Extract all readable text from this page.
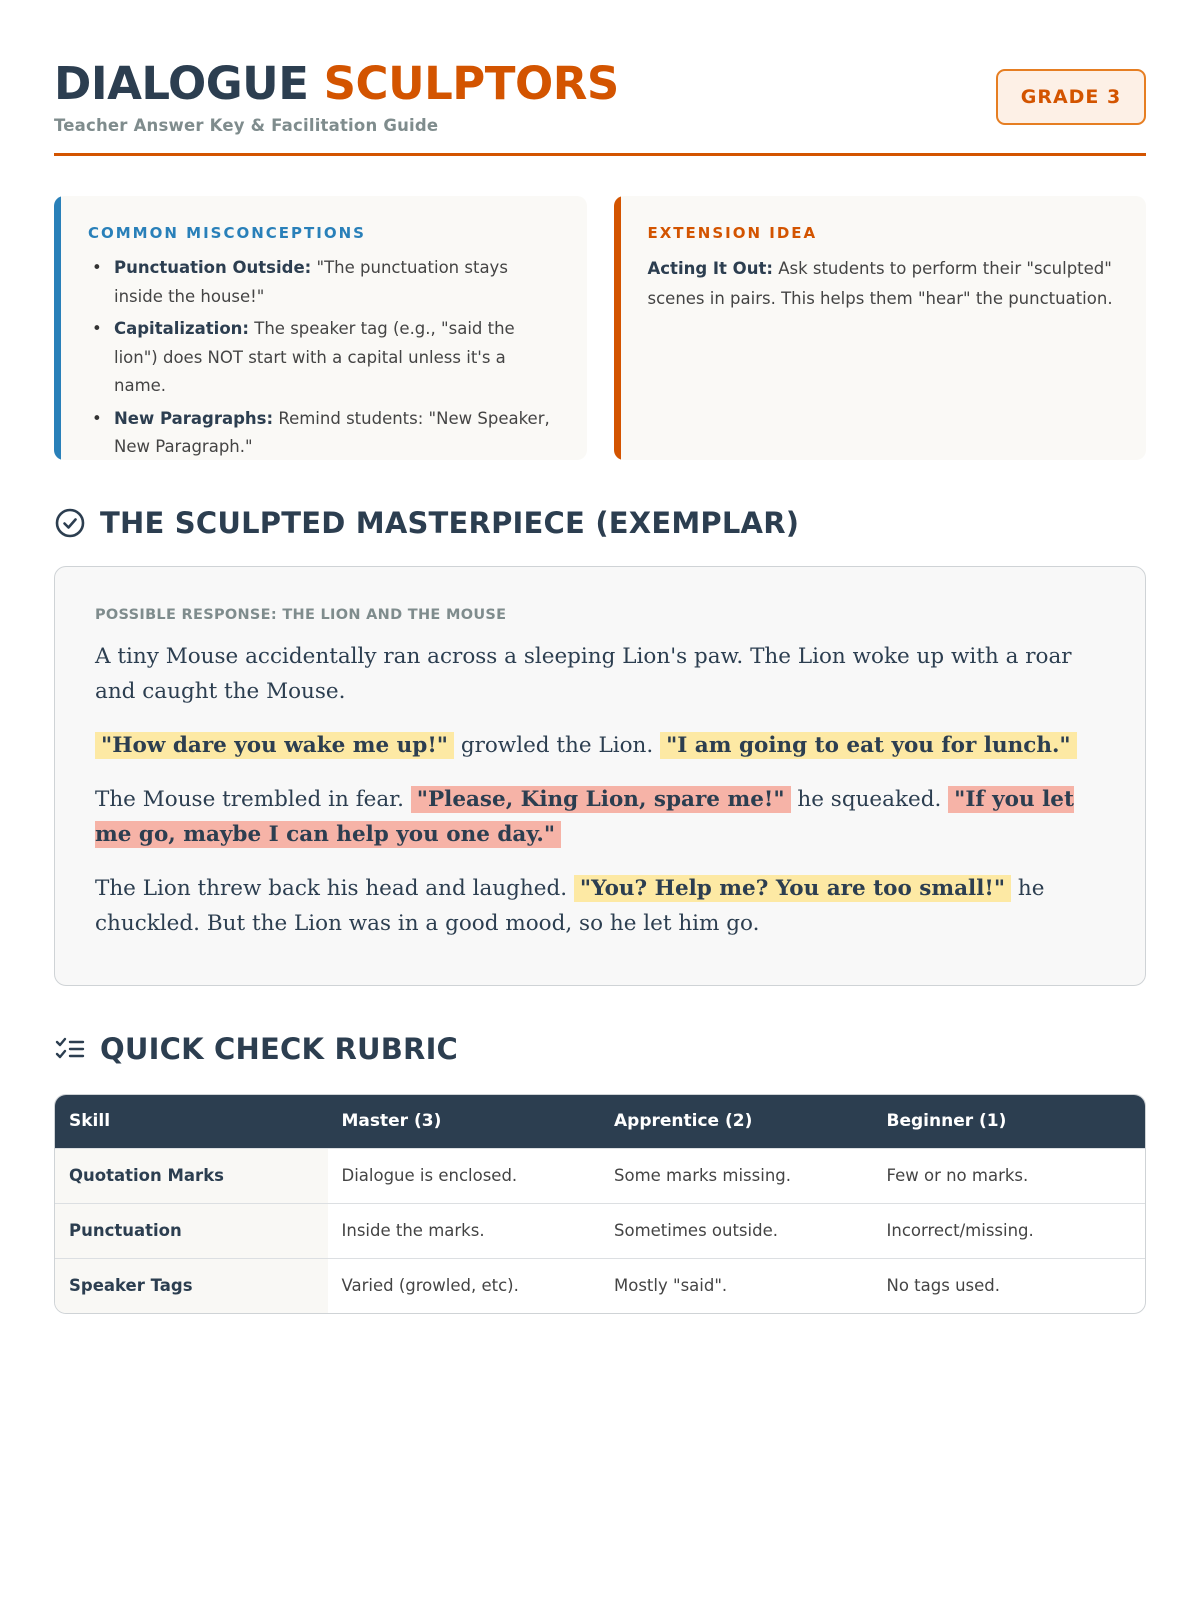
DIALOGUE SCULPTORS
Teacher Answer Key & Facilitation Guide
GRADE 3
COMMON MISCONCEPTIONS
• Punctuation Outside: "The punctuation stays inside the house!"
• Capitalization: The speaker tag (e.g., "said the lion") does NOT start with a capital unless it's a name.
• New Paragraphs: Remind students: "New Speaker, New Paragraph."
EXTENSION IDEA

Acting It Out: Ask students to perform their "sculpted" scenes in pairs. This helps them "hear" the punctuation.

THE SCULPTED MASTERPIECE (EXEMPLAR)
POSSIBLE RESPONSE: THE LION AND THE MOUSE

A tiny Mouse accidentally ran across a sleeping Lion's paw. The Lion woke up with a roar and caught the Mouse.

"How dare you wake me up!" growled the Lion. "I am going to eat you for lunch."

The Mouse trembled in fear. "Please, King Lion, spare me!" he squeaked. "If you let me go, maybe I can help you one day."

The Lion threw back his head and laughed. "You? Help me? You are too small!" he chuckled. But the Lion was in a good mood, so he let him go.

QUICK CHECK RUBRIC
Skill	Master (3)	Apprentice (2)	Beginner (1)
Quotation Marks	Dialogue is enclosed.	Some marks missing.	Few or no marks.
Punctuation	Inside the marks.	Sometimes outside.	Incorrect/missing.
Speaker Tags	Varied (growled, etc).	Mostly "said".	No tags used.
